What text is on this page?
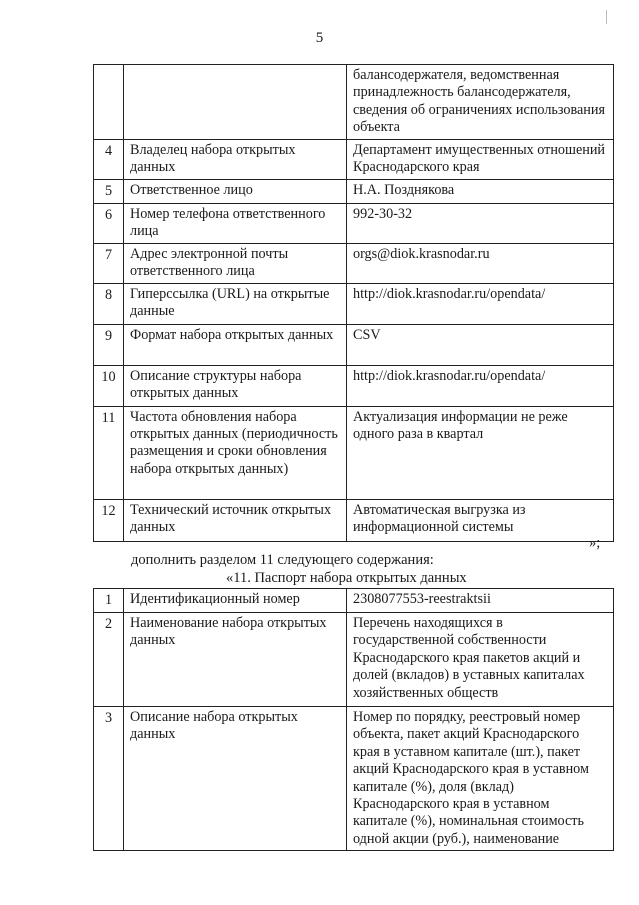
5
		балансодержателя, ведомственная принадлежность балансодержателя, сведения об ограничениях использования объекта
4	Владелец набора открытых данных	Департамент имущественных отношений Краснодарского края
5	Ответственное лицо	Н.А. Позднякова
6	Номер телефона ответственного лица	992-30-32
7	Адрес электронной почты ответственного лица	orgs@diok.krasnodar.ru
8	Гиперссылка (URL) на открытые данные	http://diok.krasnodar.ru/opendata/
9	Формат набора открытых данных	CSV
10	Описание структуры набора открытых данных	http://diok.krasnodar.ru/opendata/
11	Частота обновления набора открытых данных (периодичность размещения и сроки обновления набора открытых данных)	Актуализация информации не реже одного раза в квартал
12	Технический источник открытых данных	Автоматическая выгрузка из информационной системы
»;
дополнить разделом 11 следующего содержания:
«11. Паспорт набора открытых данных
1	Идентификационный номер	2308077553-reestraktsii
2	Наименование набора открытых данных	Перечень находящихся в государственной собственности Краснодарского края пакетов акций и долей (вкладов) в уставных капиталах хозяйственных обществ
3	Описание набора открытых данных	Номер по порядку, реестровый номер объекта, пакет акций Краснодарского края в уставном капитале (шт.), пакет акций Краснодарского края в уставном капитале (%), доля (вклад) Краснодарского края в уставном капитале (%), номинальная стоимость одной акции (руб.), наименование
